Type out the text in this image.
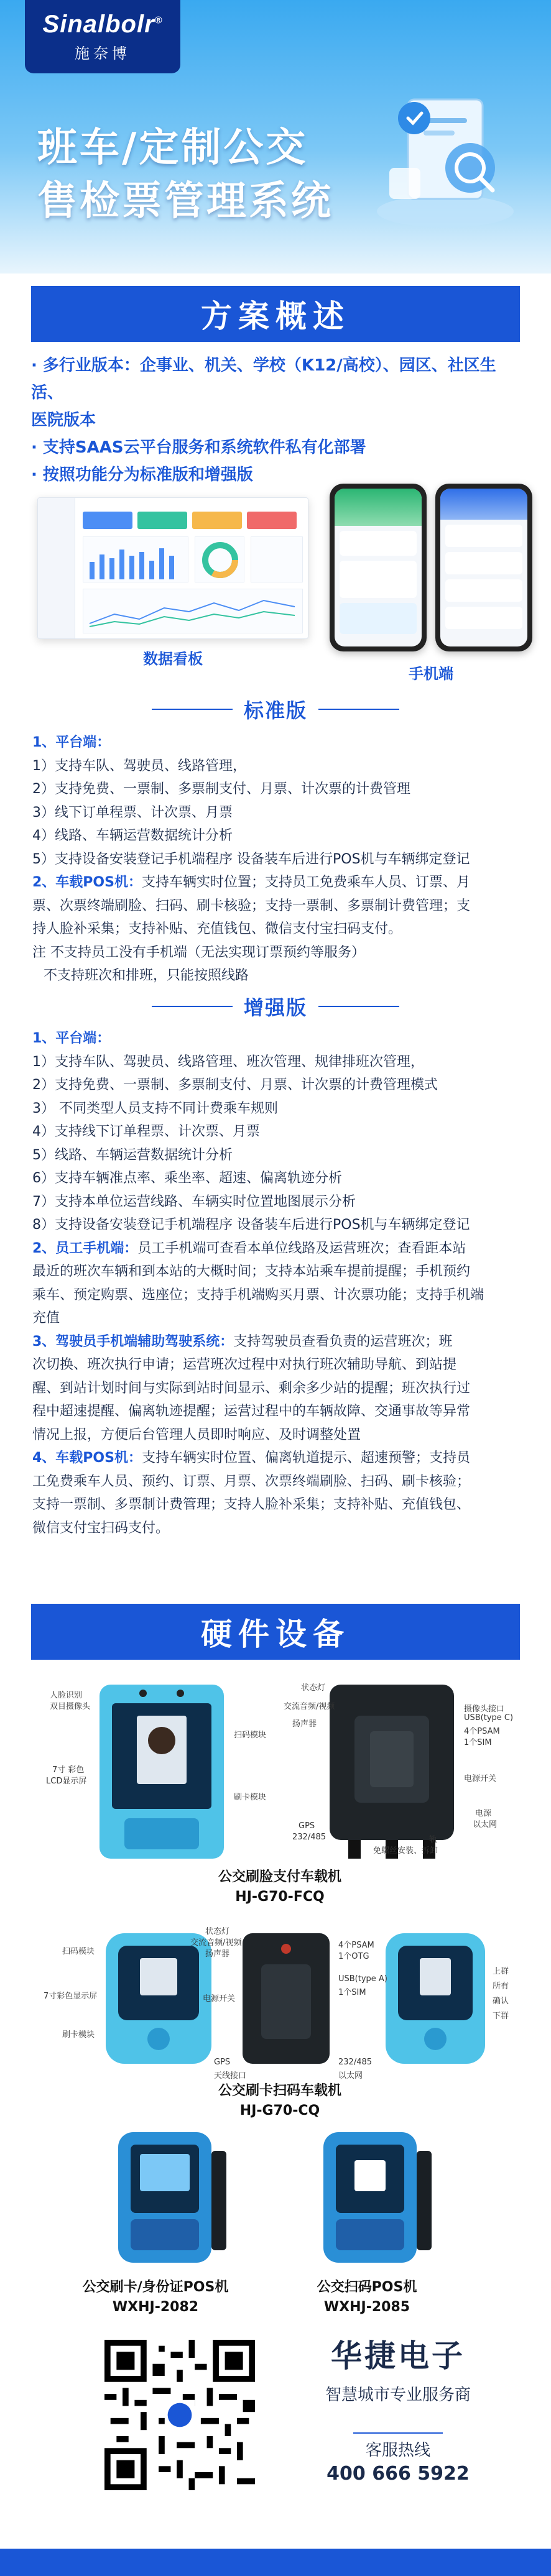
Sinalbolr®
施奈博
班车/定制公交
售检票管理系统
方案概述
· 多行业版本：企事业、机关、学校（K12/高校）、园区、社区生活、
医院版本
· 支持SAAS云平台服务和系统软件私有化部署
· 按照功能分为标准版和增强版
数据看板
手机端
标准版
1、平台端：
1）支持车队、驾驶员、线路管理，
2）支持免费、一票制、多票制支付、月票、计次票的计费管理
3）线下订单程票、计次票、月票
4）线路、车辆运营数据统计分析
5）支持设备安装登记手机端程序 设备装车后进行POS机与车辆绑定登记
2、车载POS机：支持车辆实时位置；支持员工免费乘车人员、订票、月
票、次票终端刷脸、扫码、刷卡核验；支持一票制、多票制计费管理；支
持人脸补采集；支持补贴、充值钱包、微信支付宝扫码支付。
注 不支持员工没有手机端（无法实现订票预约等服务）
不支持班次和排班，只能按照线路
增强版
1、平台端：
1）支持车队、驾驶员、线路管理、班次管理、规律排班次管理，
2）支持免费、一票制、多票制支付、月票、计次票的计费管理模式
3） 不同类型人员支持不同计费乘车规则
4）支持线下订单程票、计次票、月票
5）线路、车辆运营数据统计分析
6）支持车辆准点率、乘坐率、超速、偏离轨迹分析
7）支持本单位运营线路、车辆实时位置地图展示分析
8）支持设备安装登记手机端程序 设备装车后进行POS机与车辆绑定登记
2、员工手机端：员工手机端可查看本单位线路及运营班次；查看距本站
最近的班次车辆和到本站的大概时间；支持本站乘车提前提醒；手机预约
乘车、预定购票、选座位；支持手机端购买月票、计次票功能；支持手机端
充值
3、驾驶员手机端辅助驾驶系统：支持驾驶员查看负责的运营班次；班
次切换、班次执行申请；运营班次过程中对执行班次辅助导航、到站提
醒、到站计划时间与实际到站时间显示、剩余多少站的提醒；班次执行过
程中超速提醒、偏离轨迹提醒；运营过程中的车辆故障、交通事故等异常
情况上报，方便后台管理人员即时响应、及时调整处置
4、车载POS机：支持车辆实时位置、偏离轨道提示、超速预警；支持员
工免费乘车人员、预约、订票、月票、次票终端刷脸、扫码、刷卡核验；
支持一票制、多票制计费管理；支持人脸补采集；支持补贴、充值钱包、
微信支付宝扫码支付。
硬件设备
人脸识别
双目摄像头
7寸 彩色
LCD显示屏
扫码模块
刷卡模块
状态灯
交流音频/视频
扬声器
摄像头接口
USB(type C)
4个PSAM
1个SIM
电源开关
电源
以太网
GPS
232/485	轨
免螺丝安装、拆卸
公交刷脸支付车载机
HJ-G70-FCQ
扫码模块
7寸彩色显示屏
刷卡模块
状态灯
交流音频/视频
扬声器
电源开关
GPS
天线接口
4个PSAM
1个OTG
USB(type A)
1个SIM
232/485
以太网
上群
所有
确认
下群
公交刷卡扫码车载机
HJ-G70-CQ
公交刷卡/身份证POS机
WXHJ-2082
公交扫码POS机
WXHJ-2085
华捷电子
智慧城市专业服务商
客服热线
400 666 5922
